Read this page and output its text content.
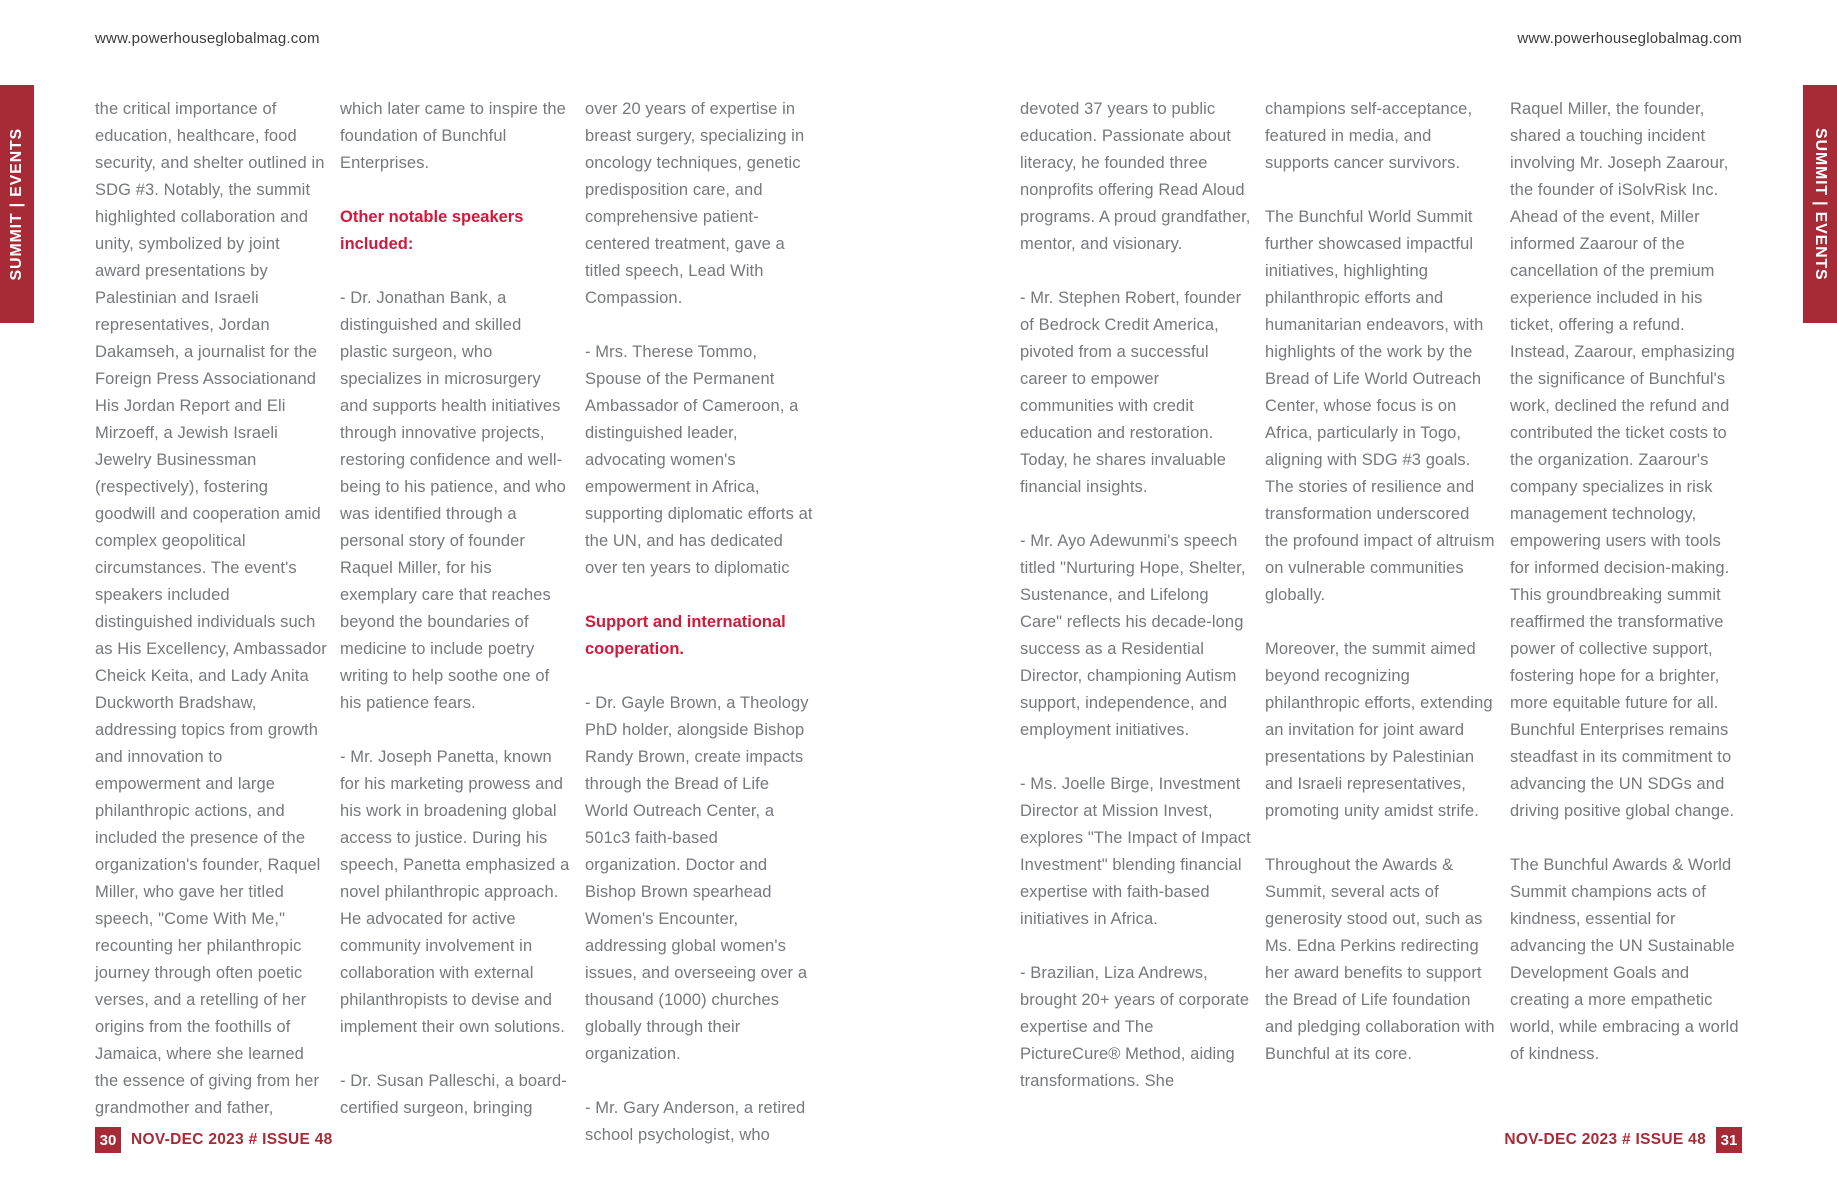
www.powerhouseglobalmag.com	www.powerhouseglobalmag.com
SUMMIT | EVENTS	SUMMIT | EVENTS

the critical importance of education, healthcare, food security, and shelter outlined in SDG #3. Notably, the summit highlighted collaboration and unity, symbolized by joint award presentations by Palestinian and Israeli representatives, Jordan Dakamseh, a journalist for the Foreign Press Associationand His Jordan Report and Eli Mirzoeff, a Jewish Israeli Jewelry Businessman (respectively), fostering goodwill and cooperation amid complex geopolitical circumstances. The event's speakers included distinguished individuals such as His Excellency, Ambassador Cheick Keita, and Lady Anita Duckworth Bradshaw, addressing topics from growth and innovation to empowerment and large philanthropic actions, and included the presence of the organization's founder, Raquel Miller, who gave her titled speech, "Come With Me," recounting her philanthropic journey through often poetic verses, and a retelling of her origins from the foothills of Jamaica, where she learned the essence of giving from her grandmother and father,

which later came to inspire the foundation of Bunchful Enterprises.

Other notable speakers included:

- Dr. Jonathan Bank, a distinguished and skilled plastic surgeon, who specializes in microsurgery and supports health initiatives through innovative projects, restoring confidence and well-being to his patience, and who was identified through a personal story of founder Raquel Miller, for his exemplary care that reaches beyond the boundaries of medicine to include poetry writing to help soothe one of his patience fears.

- Mr. Joseph Panetta, known for his marketing prowess and his work in broadening global access to justice. During his speech, Panetta emphasized a novel philanthropic approach. He advocated for active community involvement in collaboration with external philanthropists to devise and implement their own solutions.

- Dr. Susan Palleschi, a board-certified surgeon, bringing

over 20 years of expertise in breast surgery, specializing in oncology techniques, genetic predisposition care, and comprehensive patient-centered treatment, gave a titled speech, Lead With Compassion.

- Mrs. Therese Tommo, Spouse of the Permanent Ambassador of Cameroon, a distinguished leader, advocating women's empowerment in Africa, supporting diplomatic efforts at the UN, and has dedicated over ten years to diplomatic

Support and international cooperation.

- Dr. Gayle Brown, a Theology PhD holder, alongside Bishop Randy Brown, create impacts through the Bread of Life World Outreach Center, a 501c3 faith-based organization. Doctor and Bishop Brown spearhead Women's Encounter, addressing global women's issues, and overseeing over a thousand (1000) churches globally through their organization.

- Mr. Gary Anderson, a retired school psychologist, who

devoted 37 years to public education. Passionate about literacy, he founded three nonprofits offering Read Aloud programs. A proud grandfather, mentor, and visionary.

- Mr. Stephen Robert, founder of Bedrock Credit America, pivoted from a successful career to empower communities with credit education and restoration. Today, he shares invaluable financial insights.

- Mr. Ayo Adewunmi's speech titled "Nurturing Hope, Shelter, Sustenance, and Lifelong Care" reflects his decade-long success as a Residential Director, championing Autism support, independence, and employment initiatives.

- Ms. Joelle Birge, Investment Director at Mission Invest, explores "The Impact of Impact Investment" blending financial expertise with faith-based initiatives in Africa.

- Brazilian, Liza Andrews, brought 20+ years of corporate expertise and The PictureCure® Method, aiding transformations. She

champions self-acceptance, featured in media, and supports cancer survivors.

The Bunchful World Summit further showcased impactful initiatives, highlighting philanthropic efforts and humanitarian endeavors, with highlights of the work by the Bread of Life World Outreach Center, whose focus is on Africa, particularly in Togo, aligning with SDG #3 goals. The stories of resilience and transformation underscored the profound impact of altruism on vulnerable communities globally.

Moreover, the summit aimed beyond recognizing philanthropic efforts, extending an invitation for joint award presentations by Palestinian and Israeli representatives, promoting unity amidst strife.

Throughout the Awards & Summit, several acts of generosity stood out, such as Ms. Edna Perkins redirecting her award benefits to support the Bread of Life foundation and pledging collaboration with Bunchful at its core.

Raquel Miller, the founder, shared a touching incident involving Mr. Joseph Zaarour, the founder of iSolvRisk Inc. Ahead of the event, Miller informed Zaarour of the cancellation of the premium experience included in his ticket, offering a refund. Instead, Zaarour, emphasizing the significance of Bunchful's work, declined the refund and contributed the ticket costs to the organization. Zaarour's company specializes in risk management technology, empowering users with tools for informed decision-making. This groundbreaking summit reaffirmed the transformative power of collective support, fostering hope for a brighter, more equitable future for all. Bunchful Enterprises remains steadfast in its commitment to advancing the UN SDGs and driving positive global change.

The Bunchful Awards & World Summit champions acts of kindness, essential for advancing the UN Sustainable Development Goals and creating a more empathetic world, while embracing a world of kindness.

30 NOV-DEC 2023 # ISSUE 48	NOV-DEC 2023 # ISSUE 48 31
